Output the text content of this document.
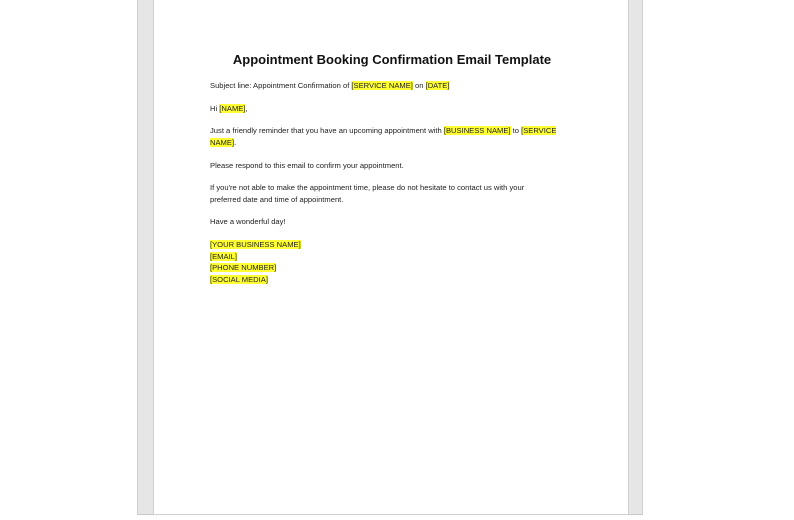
Appointment Booking Confirmation Email Template
Subject line: Appointment Confirmation of [SERVICE NAME] on [DATE]
Hi [NAME],
Just a friendly reminder that you have an upcoming appointment with [BUSINESS NAME] to [SERVICE
NAME].
Please respond to this email to confirm your appointment.
If you're not able to make the appointment time, please do not hesitate to contact us with your
preferred date and time of appointment.
Have a wonderful day!
[YOUR BUSINESS NAME]
[EMAIL]
[PHONE NUMBER]
[SOCIAL MEDIA]
